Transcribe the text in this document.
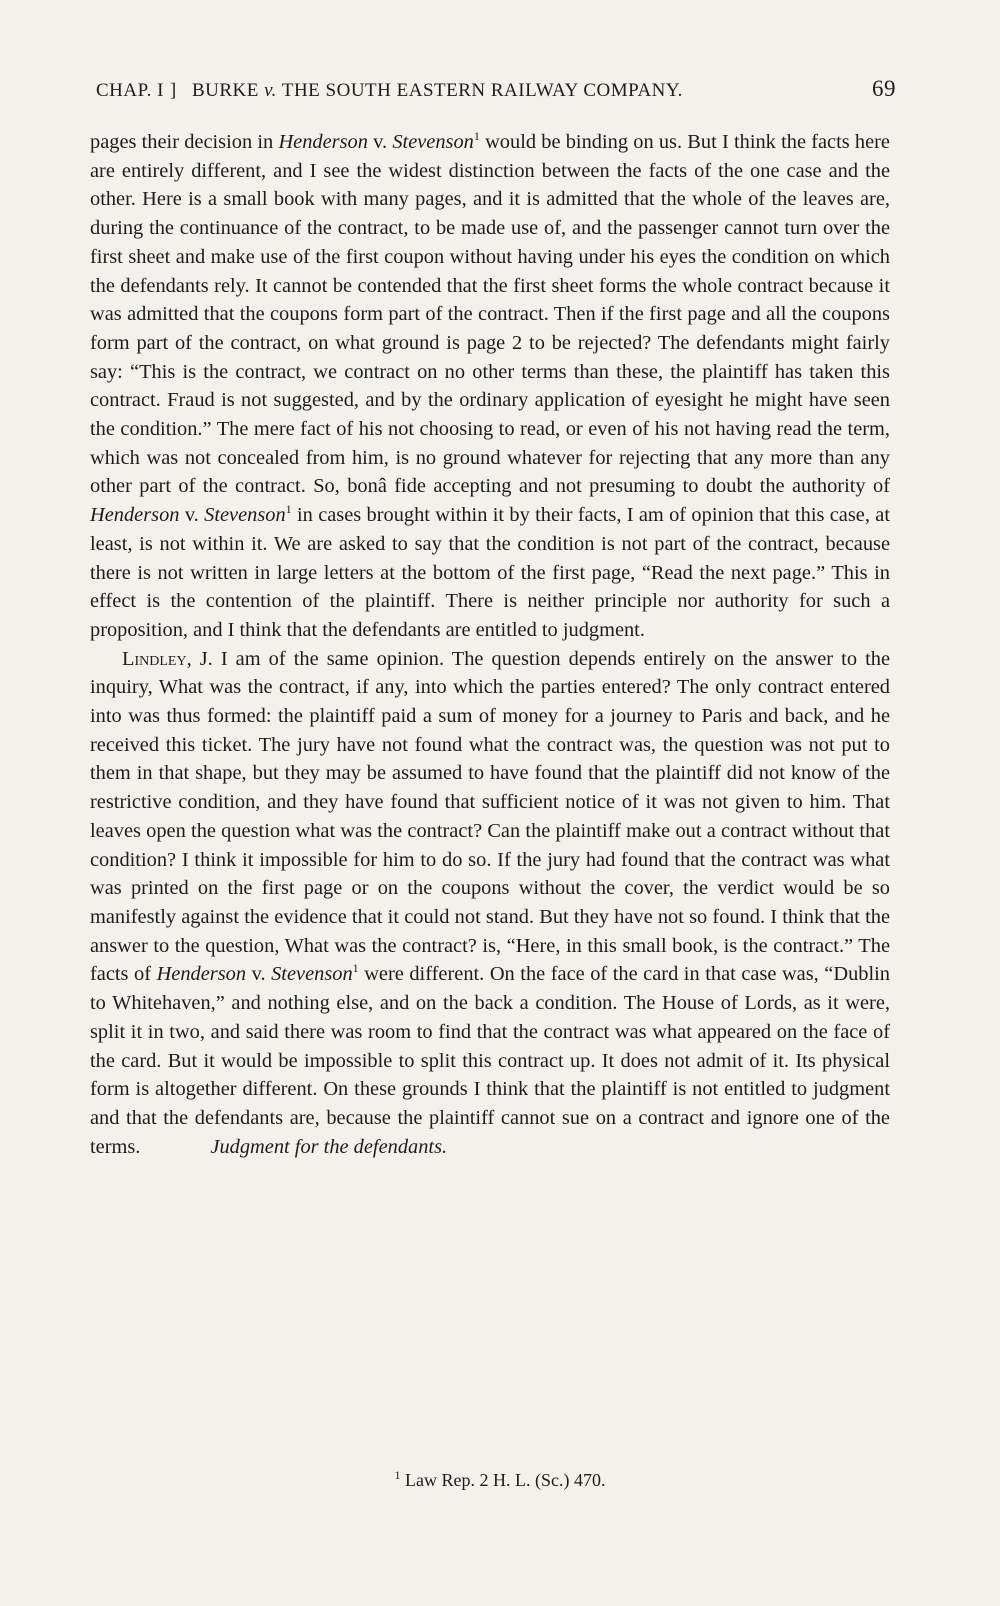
CHAP. I ] BURKE v. THE SOUTH EASTERN RAILWAY COMPANY.	69

pages their decision in Henderson v. Stevenson$^1$ would be binding on us. But I think the facts here are entirely different, and I see the widest distinction between the facts of the one case and the other. Here is a small book with many pages, and it is admitted that the whole of the leaves are, during the continuance of the contract, to be made use of, and the passenger cannot turn over the first sheet and make use of the first coupon without having under his eyes the condition on which the defendants rely. It cannot be contended that the first sheet forms the whole contract because it was admitted that the coupons form part of the contract. Then if the first page and all the coupons form part of the contract, on what ground is page 2 to be rejected? The defendants might fairly say: “This is the contract, we contract on no other terms than these, the plaintiff has taken this contract. Fraud is not suggested, and by the ordinary application of eyesight he might have seen the condition.” The mere fact of his not choosing to read, or even of his not having read the term, which was not concealed from him, is no ground whatever for rejecting that any more than any other part of the contract. So, bonâ fide accepting and not presuming to doubt the authority of Henderson v. Stevenson$^1$ in cases brought within it by their facts, I am of opinion that this case, at least, is not within it. We are asked to say that the condition is not part of the contract, because there is not written in large letters at the bottom of the first page, “Read the next page.” This in effect is the contention of the plaintiff. There is neither principle nor authority for such a proposition, and I think that the defendants are entitled to judgment.

Lindley, J. I am of the same opinion. The question depends entirely on the answer to the inquiry, What was the contract, if any, into which the parties entered? The only contract entered into was thus formed: the plaintiff paid a sum of money for a journey to Paris and back, and he received this ticket. The jury have not found what the contract was, the question was not put to them in that shape, but they may be assumed to have found that the plaintiff did not know of the restrictive condition, and they have found that sufficient notice of it was not given to him. That leaves open the question what was the contract? Can the plaintiff make out a contract without that condition? I think it impossible for him to do so. If the jury had found that the contract was what was printed on the first page or on the coupons without the cover, the verdict would be so manifestly against the evidence that it could not stand. But they have not so found. I think that the answer to the question, What was the contract? is, “Here, in this small book, is the contract.” The facts of Henderson v. Stevenson$^1$ were different. On the face of the card in that case was, “Dublin to Whitehaven,” and nothing else, and on the back a condition. The House of Lords, as it were, split it in two, and said there was room to find that the contract was what appeared on the face of the card. But it would be impossible to split this contract up. It does not admit of it. Its physical form is altogether different. On these grounds I think that the plaintiff is not entitled to judgment and that the defendants are, because the plaintiff cannot sue on a contract and ignore one of the terms.	Judgment for the defendants.

$^1$ Law Rep. 2 H. L. (Sc.) 470.
